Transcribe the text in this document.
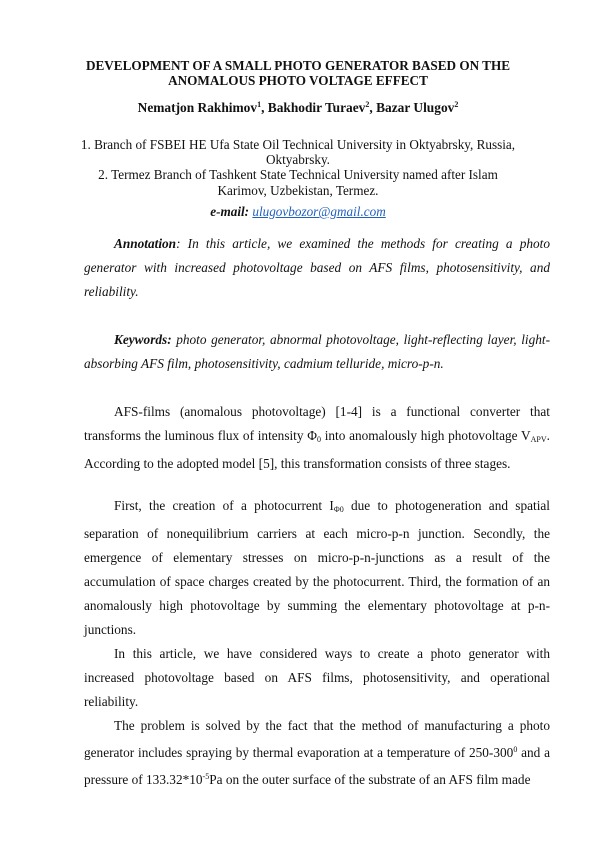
DEVELOPMENT OF A SMALL PHOTO GENERATOR BASED ON THE
ANOMALOUS PHOTO VOLTAGE EFFECT
Nematjon Rakhimov$^1$, Bakhodir Turaev$^2$, Bazar Ulugov$^2$
1. Branch of FSBEI HE Ufa State Oil Technical University in Oktyabrsky, Russia, Oktyabrsky.
2. Termez Branch of Tashkent State Technical University named after Islam Karimov, Uzbekistan, Termez.
e-mail: ulugovbozor@gmail.com
Annotation: In this article, we examined the methods for creating a photo generator with increased photovoltage based on AFS films, photosensitivity, and reliability.
Keywords: photo generator, abnormal photovoltage, light-reflecting layer, light-absorbing AFS film, photosensitivity, cadmium telluride, micro-p-n.
AFS-films (anomalous photovoltage) [1-4] is a functional converter that transforms the luminous flux of intensity $\Phi_0$ into anomalously high photovoltage $V_{APV}$. According to the adopted model [5], this transformation consists of three stages.
First, the creation of a photocurrent $I_{\Phi 0}$ due to photogeneration and spatial separation of nonequilibrium carriers at each micro-p-n junction. Secondly, the emergence of elementary stresses on micro-p-n-junctions as a result of the accumulation of space charges created by the photocurrent. Third, the formation of an anomalously high photovoltage by summing the elementary photovoltage at p-n-junctions.
In this article, we have considered ways to create a photo generator with increased photovoltage based on AFS films, photosensitivity, and operational reliability.
The problem is solved by the fact that the method of manufacturing a photo generator includes spraying by thermal evaporation at a temperature of $250-300^0$ and a pressure of $133.32*10^{-5}Pa$ on the outer surface of the substrate of an AFS film made
